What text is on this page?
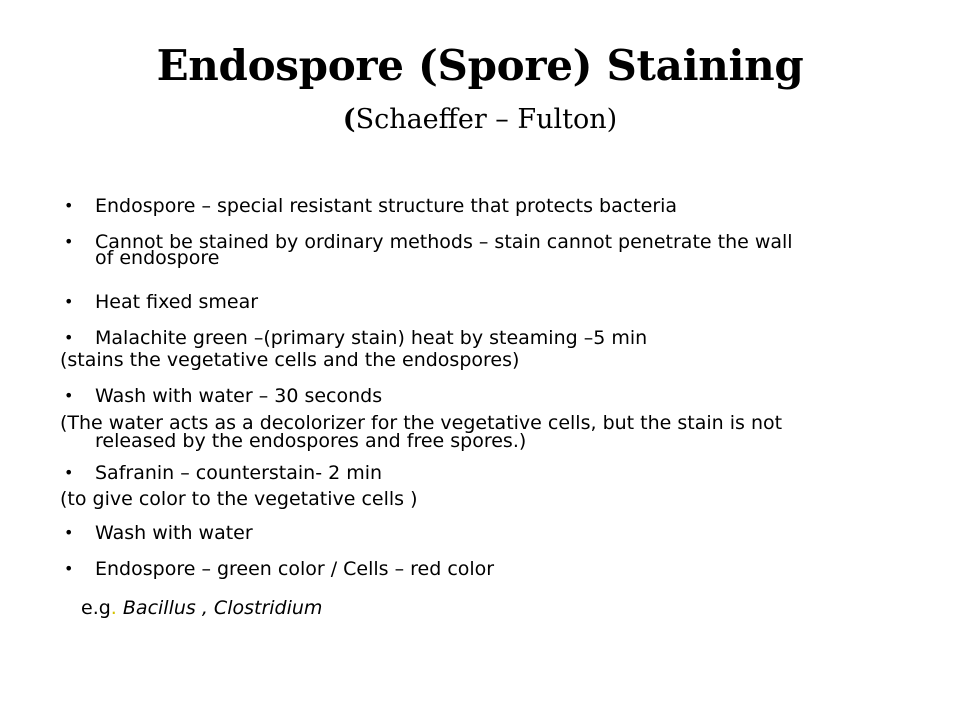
Endospore (Spore) Staining
(Schaeffer – Fulton)
• Endospore – special resistant structure that protects bacteria
• Cannot be stained by ordinary methods – stain cannot penetrate the wall
of endospore
• Heat fixed smear
• Malachite green –(primary stain) heat by steaming –5 min
(stains the vegetative cells and the endospores)
• Wash with water – 30 seconds
(The water acts as a decolorizer for the vegetative cells, but the stain is not
released by the endospores and free spores.)
• Safranin – counterstain- 2 min
(to give color to the vegetative cells )
• Wash with water
• Endospore – green color / Cells – red color
e.g. Bacillus , Clostridium
